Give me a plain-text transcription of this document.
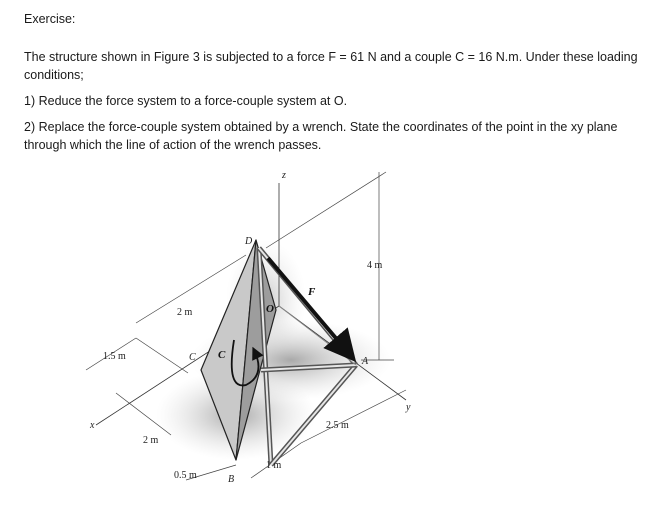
Exercise:

The structure shown in Figure 3 is subjected to a force F = 61 N and a couple C = 16 N.m. Under these loading conditions;

1) Reduce the force system to a force-couple system at O.

2) Replace the force-couple system obtained by a wrench. State the coordinates of the point in the xy plane through which the line of action of the wrench passes.

z
x
y
D
O
F
A
B
C C
4 m
2 m
1.5 m
2 m
0.5 m
1 m
2.5 m
